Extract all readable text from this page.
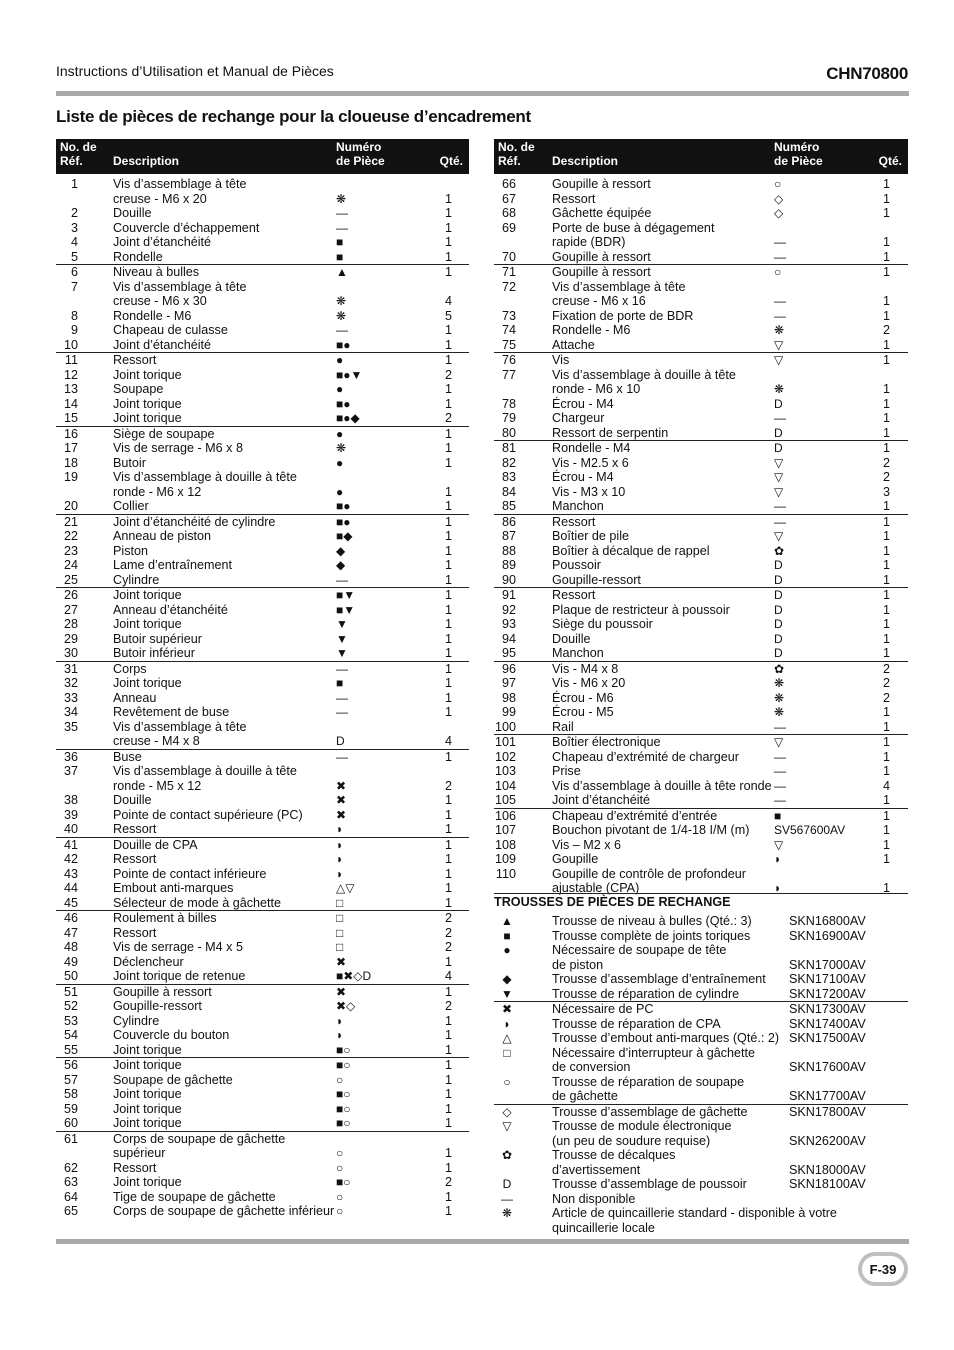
Instructions d’Utilisation et Manual de Pièces	CHN70800
Liste de pièces de rechange pour la cloueuse d’encadrement
No. de
Réf.	Description
Numéro
de Pièce	Qté.
1	Vis d’assemblage à tête
creuse - M6 x 20	❋	1
2	Douille	—	1
3	Couvercle d’échappement	—	1
4	Joint d’étanchéité	■	1
5	Rondelle	■	1
6	Niveau à bulles	▲	1
7	Vis d’assemblage à tête
creuse - M6 x 30	❋	4
8	Rondelle - M6	❋	5
9	Chapeau de culasse	—	1
10	Joint d’étanchéité	■●	1
11	Ressort	●	1
12	Joint torique	■●▼	2
13	Soupape	●	1
14	Joint torique	■●	1
15	Joint torique	■●◆	2
16	Siège de soupape	●	1
17	Vis de serrage - M6 x 8	❋	1
18	Butoir	●	1
19	Vis d’assemblage à douille à tête
ronde - M6 x 12	●	1
20	Collier	■●	1
21	Joint d’étanchéité de cylindre	■●	1
22	Anneau de piston	■◆	1
23	Piston	◆	1
24	Lame d’entraînement	◆	1
25	Cylindre	—	1
26	Joint torique	■▼	1
27	Anneau d’étanchéité	■▼	1
28	Joint torique	▼	1
29	Butoir supérieur	▼	1
30	Butoir inférieur	▼	1
31	Corps	—	1
32	Joint torique	■	1
33	Anneau	—	1
34	Revêtement de buse	—	1
35	Vis d’assemblage à tête
creuse - M4 x 8	D	4
36	Buse	—	1
37	Vis d’assemblage à douille à tête
ronde - M5 x 12	✖	2
38	Douille	✖	1
39	Pointe de contact supérieure (PC)	✖	1
40	Ressort	◗	1
41	Douille de CPA	◗	1
42	Ressort	◗	1
43	Pointe de contact inférieure	◗	1
44	Embout anti-marques	△▽	1
45	Sélecteur de mode à gâchette	□	1
46	Roulement à billes	□	2
47	Ressort	□	2
48	Vis de serrage - M4 x 5	□	2
49	Déclencheur	✖	1
50	Joint torique de retenue	■✖◇D	4
51	Goupille à ressort	✖	1
52	Goupille-ressort	✖◇	2
53	Cylindre	◗	1
54	Couvercle du bouton	◗	1
55	Joint torique	■○	1
56	Joint torique	■○	1
57	Soupape de gâchette	○	1
58	Joint torique	■○	1
59	Joint torique	■○	1
60	Joint torique	■○	1
61	Corps de soupape de gâchette
supérieur	○	1
62	Ressort	○	1
63	Joint torique	■○	2
64	Tige de soupape de gâchette	○	1
65	Corps de soupape de gâchette inférieur ○	1
No. de
Réf.	Description
Numéro
de Pièce	Qté.
66	Goupille à ressort	○	1
67	Ressort	◇	1
68	Gâchette équipée	◇	1
69	Porte de buse à dégagement
rapide (BDR)	—	1
70	Goupille à ressort	—	1
71	Goupille à ressort	○	1
72	Vis d’assemblage à tête
creuse - M6 x 16	—	1
73	Fixation de porte de BDR	—	1
74	Rondelle - M6	❋	2
75	Attache	▽	1
76	Vis	▽	1
77	Vis d’assemblage à douille à tête
ronde - M6 x 10	❋	1
78	Écrou - M4	D	1
79	Chargeur	—	1
80	Ressort de serpentin	D	1
81	Rondelle - M4	D	1
82	Vis - M2.5 x 6	▽	2
83	Écrou - M4	▽	2
84	Vis - M3 x 10	▽	3
85	Manchon	—	1
86	Ressort	—	1
87	Boîtier de pile	▽	1
88	Boîtier à décalque de rappel	✿	1
89	Poussoir	D	1
90	Goupille-ressort	D	1
91	Ressort	D	1
92	Plaque de restricteur à poussoir	D	1
93	Siège du poussoir	D	1
94	Douille	D	1
95	Manchon	D	1
96	Vis - M4 x 8	✿	2
97	Vis - M6 x 20	❋	2
98	Écrou - M6	❋	2
99	Écrou - M5	❋	1
100	Rail	—	1
101	Boîtier électronique	▽	1
102	Chapeau d’extrémité de chargeur	—	1
103	Prise	—	1
104	Vis d’assemblage à douille à tête ronde —	4
105	Joint d’étanchéité	—	1
106	Chapeau d’extrémité d’entrée	■	1
107	Bouchon pivotant de 1/4-18 I/M (m) SV567600AV	1
108	Vis – M2 x 6	▽	1
109	Goupille	◗	1
110	Goupille de contrôle de profondeur
ajustable (CPA)	◗	1
TROUSSES DE PIÈCES DE RECHANGE
▲	Trousse de niveau à bulles (Qté.: 3)	SKN16800AV
■	Trousse complète de joints toriques	SKN16900AV
●	Nécessaire de soupape de tête
de piston	SKN17000AV
◆	Trousse d’assemblage d’entraînement SKN17100AV
▼	Trousse de réparation de cylindre	SKN17200AV
✖	Nécessaire de PC	SKN17300AV
◗	Trousse de réparation de CPA	SKN17400AV
△	Trousse d’embout anti-marques (Qté.: 2) SKN17500AV
□	Nécessaire d’interrupteur à gâchette
de conversion	SKN17600AV
○	Trousse de réparation de soupape
de gâchette	SKN17700AV
◇	Trousse d’assemblage de gâchette	SKN17800AV
▽	Trousse de module électronique
(un peu de soudure requise)	SKN26200AV
✿	Trousse de décalques
d’avertissement	SKN18000AV
D	Trousse d’assemblage de poussoir	SKN18100AV
—	Non disponible
❋	Article de quincaillerie standard - disponible à votre
quincaillerie locale
F-39
